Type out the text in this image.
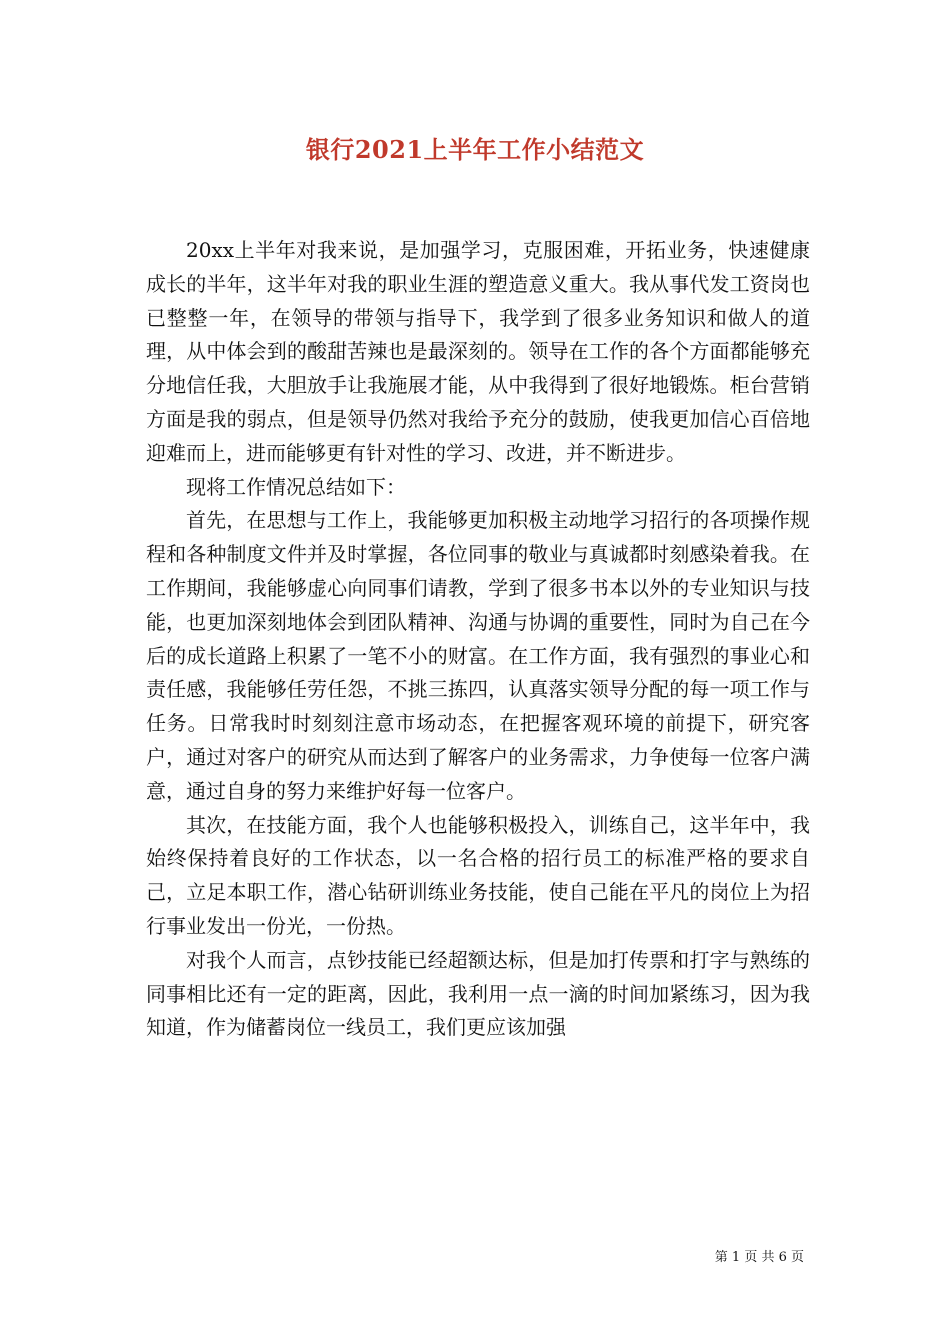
银行2021上半年工作小结范文

20xx上半年对我来说，是加强学习，克服困难，开拓业务，快速健康成长的半年，这半年对我的职业生涯的塑造意义重大。我从事代发工资岗也已整整一年，在领导的带领与指导下，我学到了很多业务知识和做人的道理，从中体会到的酸甜苦辣也是最深刻的。领导在工作的各个方面都能够充分地信任我，大胆放手让我施展才能，从中我得到了很好地锻炼。柜台营销方面是我的弱点，但是领导仍然对我给予充分的鼓励，使我更加信心百倍地迎难而上，进而能够更有针对性的学习、改进，并不断进步。

现将工作情况总结如下：

首先，在思想与工作上，我能够更加积极主动地学习招行的各项操作规程和各种制度文件并及时掌握，各位同事的敬业与真诚都时刻感染着我。在工作期间，我能够虚心向同事们请教，学到了很多书本以外的专业知识与技能，也更加深刻地体会到团队精神、沟通与协调的重要性，同时为自己在今后的成长道路上积累了一笔不小的财富。在工作方面，我有强烈的事业心和责任感，我能够任劳任怨，不挑三拣四，认真落实领导分配的每一项工作与任务。日常我时时刻刻注意市场动态，在把握客观环境的前提下，研究客户，通过对客户的研究从而达到了解客户的业务需求，力争使每一位客户满意，通过自身的努力来维护好每一位客户。

其次，在技能方面，我个人也能够积极投入，训练自己，这半年中，我始终保持着良好的工作状态，以一名合格的招行员工的标准严格的要求自己，立足本职工作，潜心钻研训练业务技能，使自己能在平凡的岗位上为招行事业发出一份光，一份热。

对我个人而言，点钞技能已经超额达标，但是加打传票和打字与熟练的同事相比还有一定的距离，因此，我利用一点一滴的时间加紧练习，因为我知道，作为储蓄岗位一线员工，我们更应该加强

第 1 页 共 6 页
